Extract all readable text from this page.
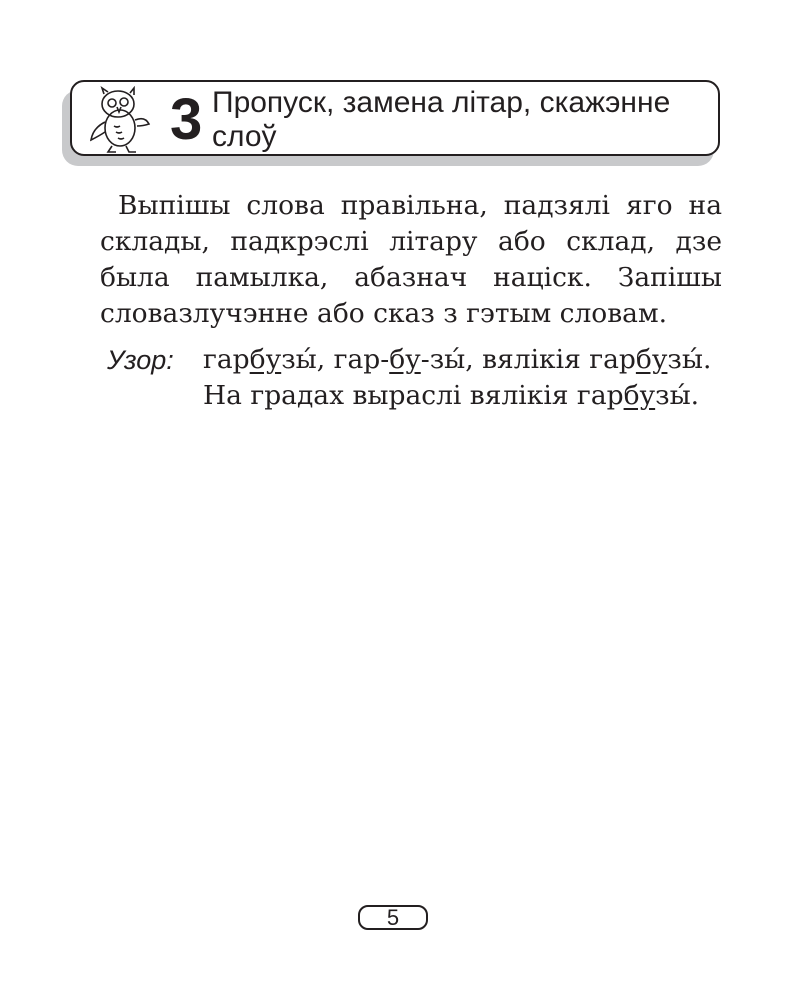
3 Пропуск, замена літар, скажэнне слоў
Выпішы слова правільна, падзялі яго на склады, падкрэслі літару або склад, дзе была памылка, абазнач націск. Запішы словазлучэнне або сказ з гэтым словам.
Узор: гарбузы́, гар-бу-зы́, вялікія гарбузы́.
На градах выраслі вялікія гарбузы́.
5
